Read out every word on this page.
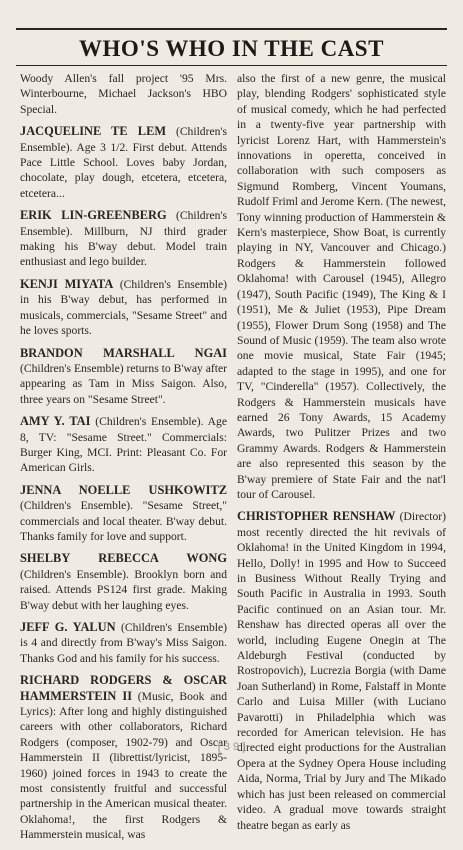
WHO'S WHO IN THE CAST

Woody Allen's fall project '95 Mrs. Winterbourne, Michael Jackson's HBO Special.

JACQUELINE TE LEM (Children's Ensemble). Age 3 1/2. First debut. Attends Pace Little School. Loves baby Jordan, chocolate, play dough, etcetera, etcetera, etcetera...

ERIK LIN-GREENBERG (Children's Ensemble). Millburn, NJ third grader making his B'way debut. Model train enthusiast and lego builder.

KENJI MIYATA (Children's Ensemble) in his B'way debut, has performed in musicals, commercials, "Sesame Street" and he loves sports.

BRANDON MARSHALL NGAI (Children's Ensemble) returns to B'way after appearing as Tam in Miss Saigon. Also, three years on "Sesame Street".

AMY Y. TAI (Children's Ensemble). Age 8, TV: "Sesame Street." Commercials: Burger King, MCI. Print: Pleasant Co. For American Girls.

JENNA NOELLE USHKOWITZ (Children's Ensemble). "Sesame Street," commercials and local theater. B'way debut. Thanks family for love and support.

SHELBY REBECCA WONG (Children's Ensemble). Brooklyn born and raised. Attends PS124 first grade. Making B'way debut with her laughing eyes.

JEFF G. YALUN (Children's Ensemble) is 4 and directly from B'way's Miss Saigon. Thanks God and his family for his success.

RICHARD RODGERS & OSCAR HAMMERSTEIN II (Music, Book and Lyrics): After long and highly distinguished careers with other collaborators, Richard Rodgers (composer, 1902-79) and Oscar Hammerstein II (librettist/lyricist, 1895-1960) joined forces in 1943 to create the most consistently fruitful and successful partnership in the American musical theater. Oklahoma!, the first Rodgers & Hammerstein musical, was

also the first of a new genre, the musical play, blending Rodgers' sophisticated style of musical comedy, which he had perfected in a twenty-five year partnership with lyricist Lorenz Hart, with Hammerstein's innovations in operetta, conceived in collaboration with such composers as Sigmund Romberg, Vincent Youmans, Rudolf Friml and Jerome Kern. (The newest, Tony winning production of Hammerstein & Kern's masterpiece, Show Boat, is currently playing in NY, Vancouver and Chicago.) Rodgers & Hammerstein followed Oklahoma! with Carousel (1945), Allegro (1947), South Pacific (1949), The King & I (1951), Me & Juliet (1953), Pipe Dream (1955), Flower Drum Song (1958) and The Sound of Music (1959). The team also wrote one movie musical, State Fair (1945; adapted to the stage in 1995), and one for TV, "Cinderella" (1957). Collectively, the Rodgers & Hammerstein musicals have earned 26 Tony Awards, 15 Academy Awards, two Pulitzer Prizes and two Grammy Awards. Rodgers & Hammerstein are also represented this season by the B'way premiere of State Fair and the nat'l tour of Carousel.

CHRISTOPHER RENSHAW (Director) most recently directed the hit revivals of Oklahoma! in the United Kingdom in 1994, Hello, Dolly! in 1995 and How to Succeed in Business Without Really Trying and South Pacific in Australia in 1993. South Pacific continued on an Asian tour. Mr. Renshaw has directed operas all over the world, including Eugene Onegin at The Aldeburgh Festival (conducted by Rostropovich), Lucrezia Borgia (with Dame Joan Sutherland) in Rome, Falstaff in Monte Carlo and Luisa Miller (with Luciano Pavarotti) in Philadelphia which was recorded for American television. He has directed eight productions for the Australian Opera at the Sydney Opera House including Aida, Norma, Trial by Jury and The Mikado which has just been released on commercial video. A gradual move towards straight theatre began as early as

[ 3 9 ]
